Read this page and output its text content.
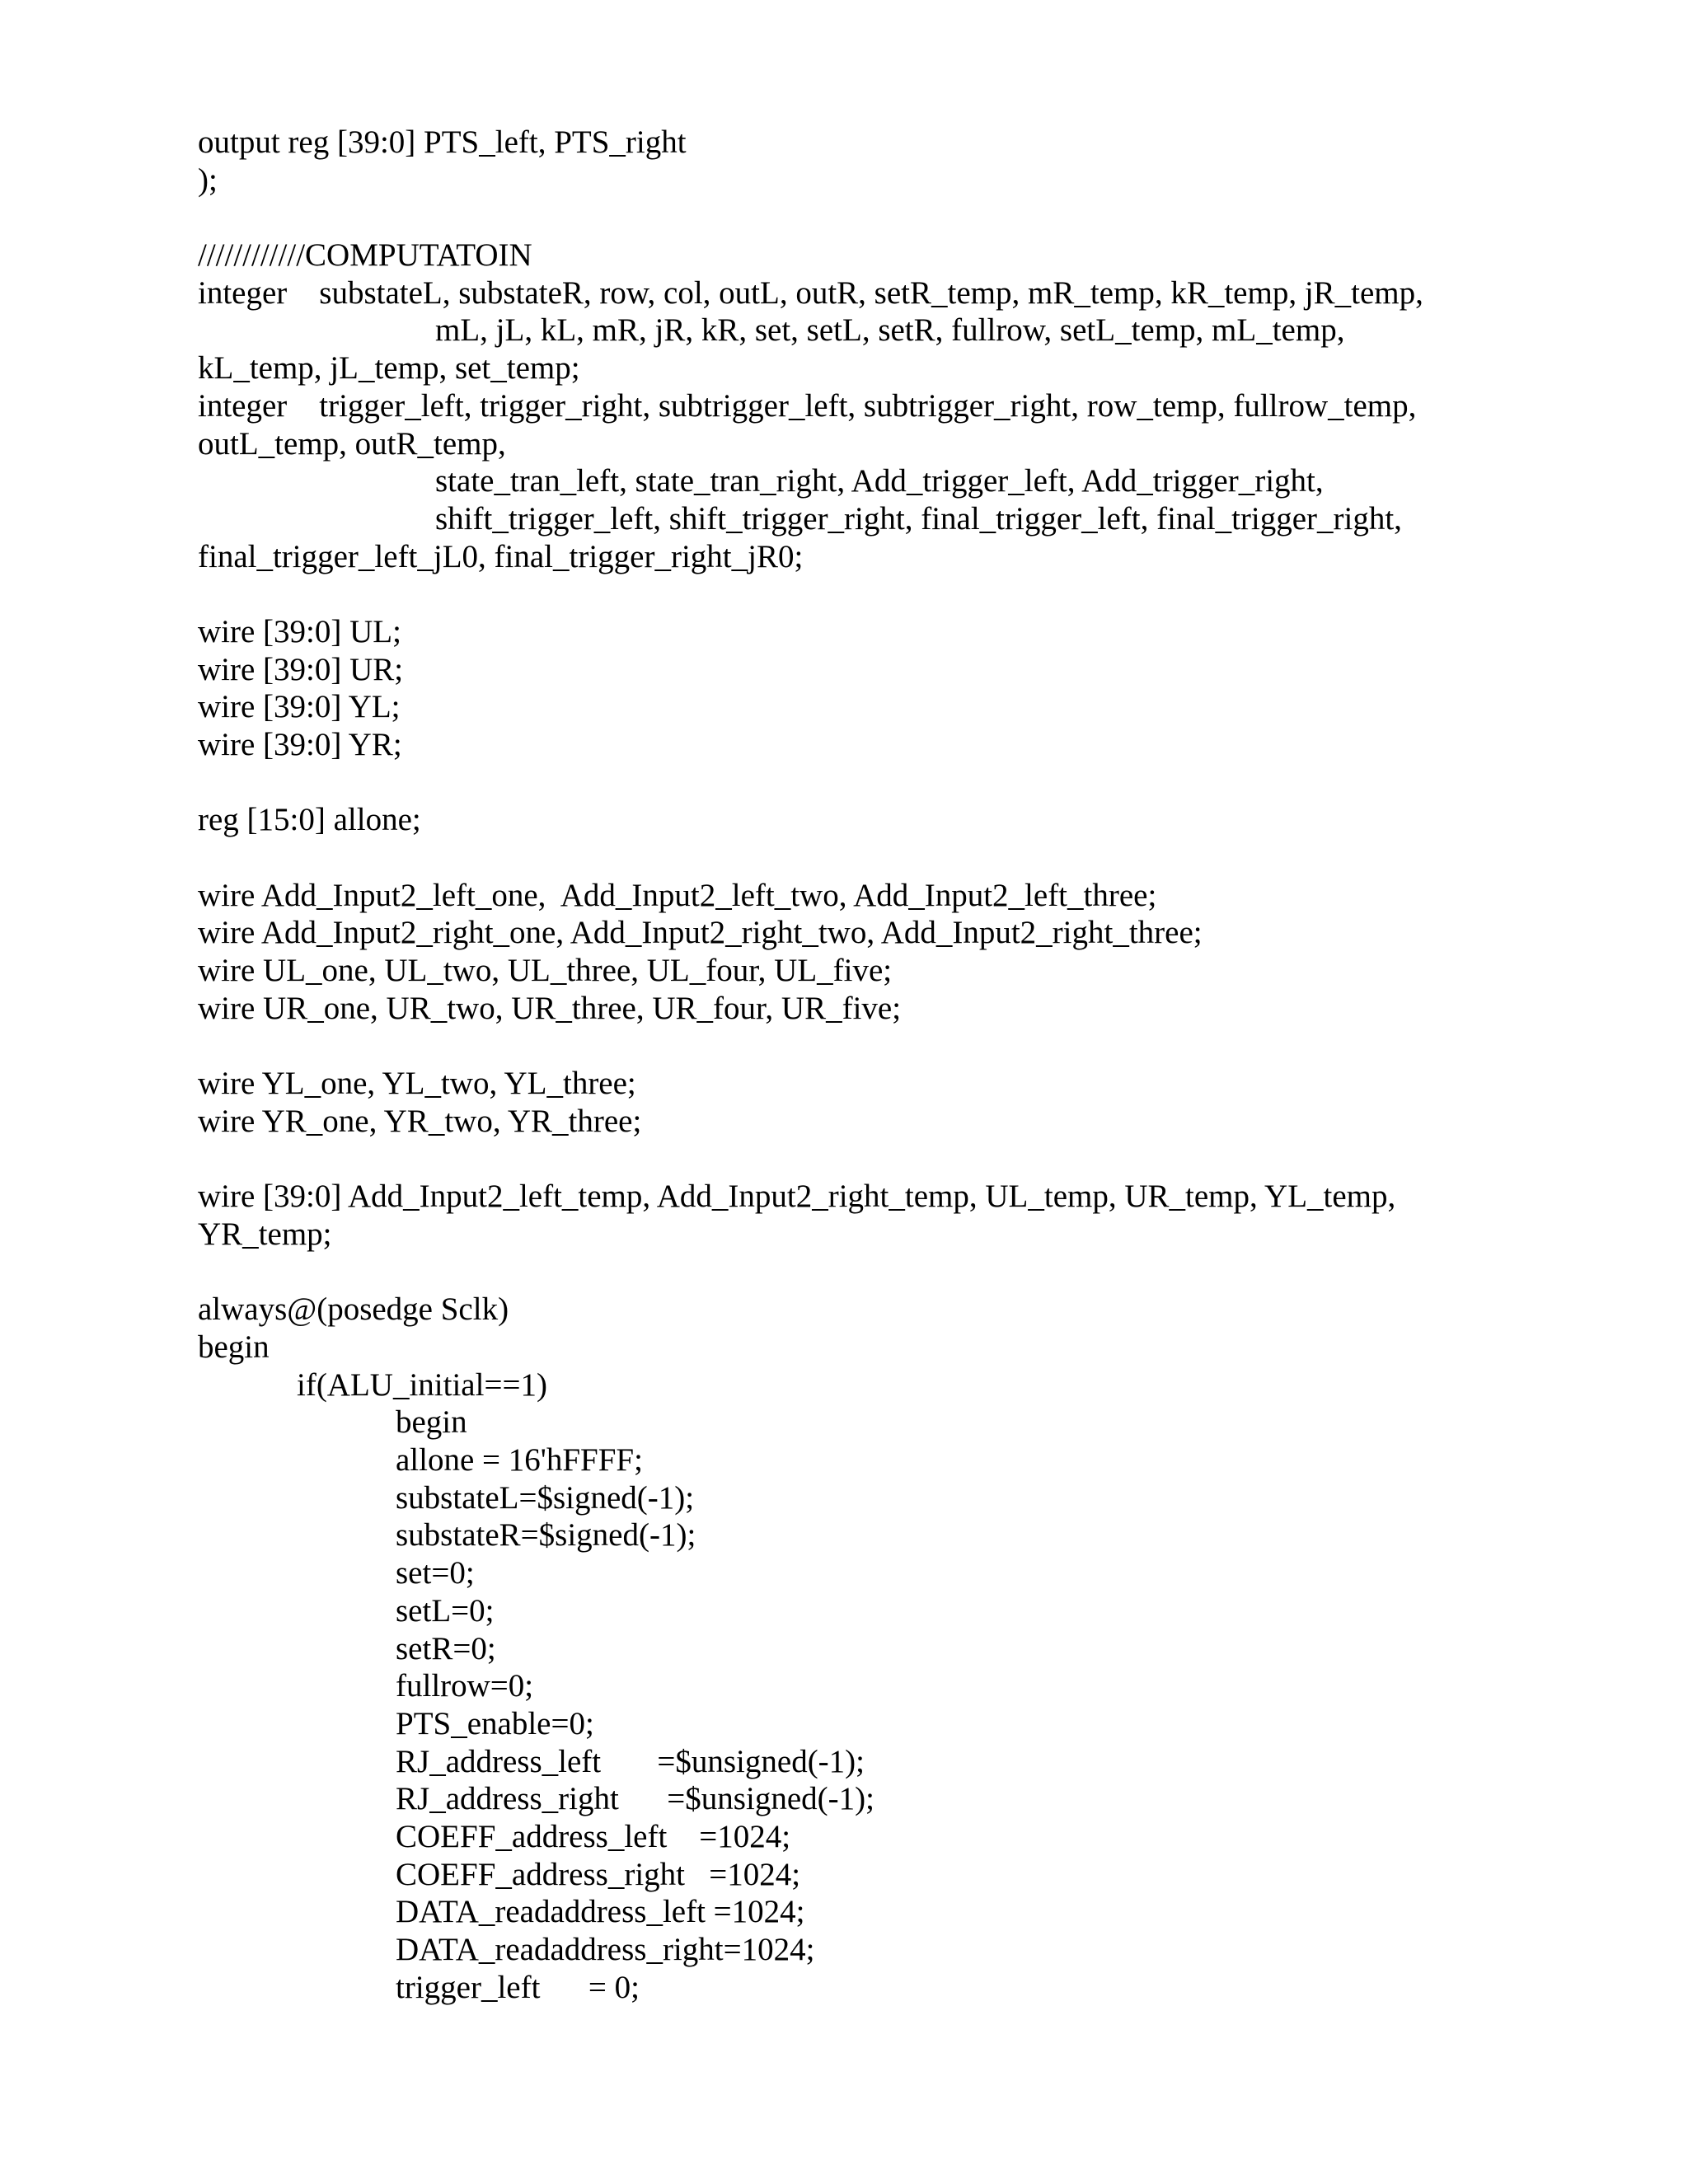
output reg [39:0] PTS_left, PTS_right
);
////////////COMPUTATOIN
integer    substateL, substateR, row, col, outL, outR, setR_temp, mR_temp, kR_temp, jR_temp,
mL, jL, kL, mR, jR, kR, set, setL, setR, fullrow, setL_temp, mL_temp,
kL_temp, jL_temp, set_temp;
integer    trigger_left, trigger_right, subtrigger_left, subtrigger_right, row_temp, fullrow_temp,
outL_temp, outR_temp,
state_tran_left, state_tran_right, Add_trigger_left, Add_trigger_right,
shift_trigger_left, shift_trigger_right, final_trigger_left, final_trigger_right,
final_trigger_left_jL0, final_trigger_right_jR0;
wire [39:0] UL;
wire [39:0] UR;
wire [39:0] YL;
wire [39:0] YR;
reg [15:0] allone;
wire Add_Input2_left_one,  Add_Input2_left_two, Add_Input2_left_three;
wire Add_Input2_right_one, Add_Input2_right_two, Add_Input2_right_three;
wire UL_one, UL_two, UL_three, UL_four, UL_five;
wire UR_one, UR_two, UR_three, UR_four, UR_five;
wire YL_one, YL_two, YL_three;
wire YR_one, YR_two, YR_three;
wire [39:0] Add_Input2_left_temp, Add_Input2_right_temp, UL_temp, UR_temp, YL_temp,
YR_temp;
always@(posedge Sclk)
begin
if(ALU_initial==1)
begin
allone = 16'hFFFF;
substateL=$signed(-1);
substateR=$signed(-1);
set=0;
setL=0;
setR=0;
fullrow=0;
PTS_enable=0;
RJ_address_left       =$unsigned(-1);
RJ_address_right      =$unsigned(-1);
COEFF_address_left    =1024;
COEFF_address_right   =1024;
DATA_readaddress_left =1024;
DATA_readaddress_right=1024;
trigger_left      = 0;
